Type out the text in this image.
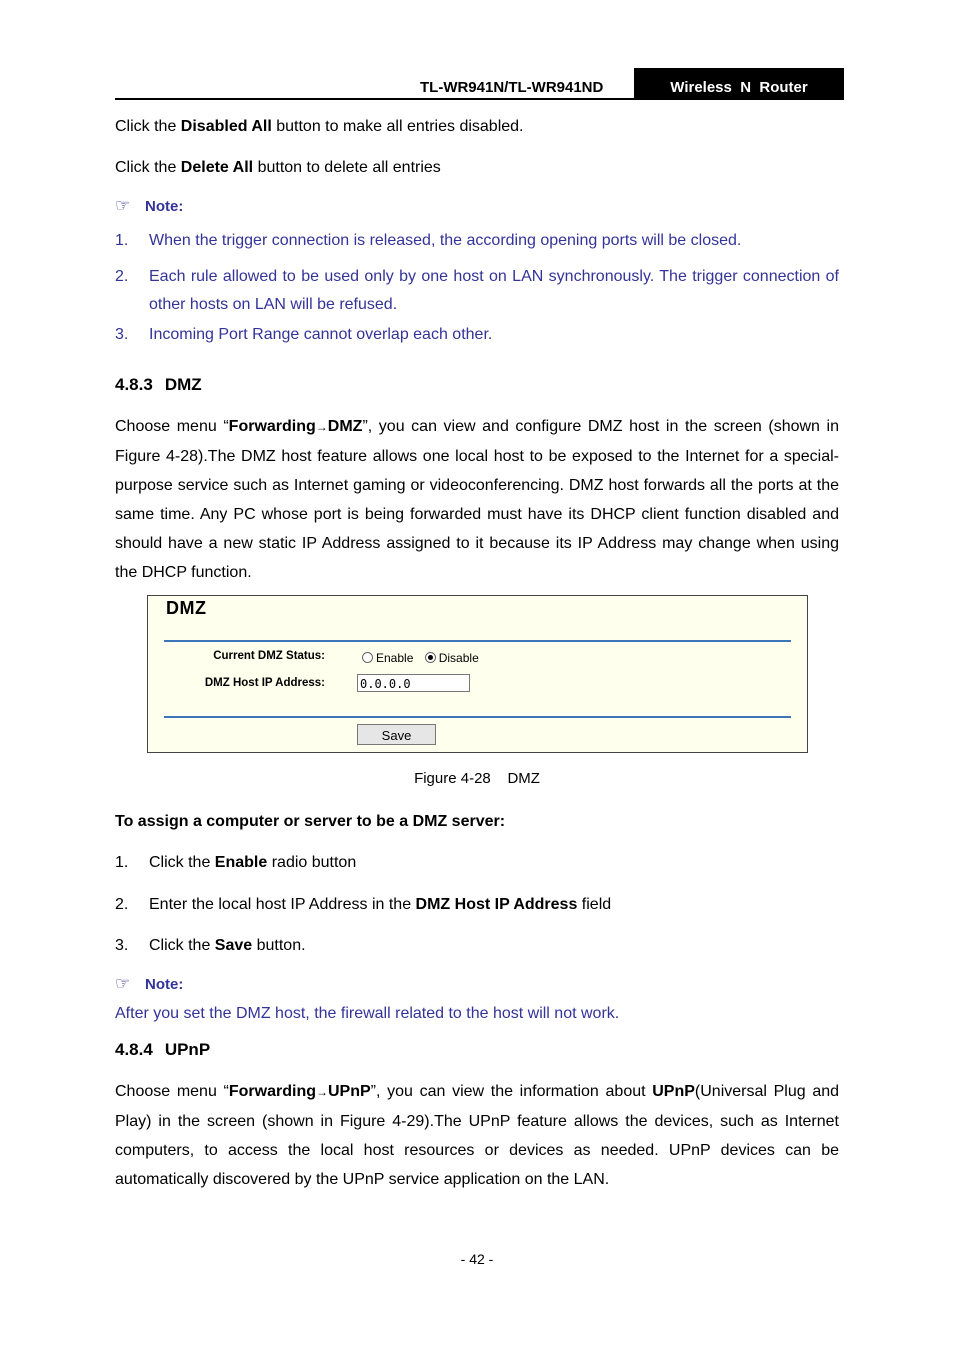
TL-WR941N/TL-WR941ND	Wireless  N  Router
Click the Disabled All button to make all entries disabled.
Click the Delete All button to delete all entries
☞ Note:
1. When the trigger connection is released, the according opening ports will be closed.
2. Each rule allowed to be used only by one host on LAN synchronously. The trigger connection of other hosts on LAN will be refused.
3. Incoming Port Range cannot overlap each other.
4.8.3 DMZ
Choose menu “Forwarding→DMZ”, you can view and configure DMZ host in the screen (shown in Figure 4-28).The DMZ host feature allows one local host to be exposed to the Internet for a special-purpose service such as Internet gaming or videoconferencing. DMZ host forwards all the ports at the same time. Any PC whose port is being forwarded must have its DHCP client function disabled and should have a new static IP Address assigned to it because its IP Address may change when using the DHCP function.
DMZ
Current DMZ Status:	Enable Disable
DMZ Host IP Address:	0.0.0.0
Save
Figure 4-28    DMZ
To assign a computer or server to be a DMZ server:
1. Click the Enable radio button
2. Enter the local host IP Address in the DMZ Host IP Address field
3. Click the Save button.
☞ Note:
After you set the DMZ host, the firewall related to the host will not work.
4.8.4 UPnP
Choose menu “Forwarding→UPnP”, you can view the information about UPnP(Universal Plug and Play) in the screen (shown in Figure 4-29).The UPnP feature allows the devices, such as Internet computers, to access the local host resources or devices as needed. UPnP devices can be automatically discovered by the UPnP service application on the LAN.
- 42 -
